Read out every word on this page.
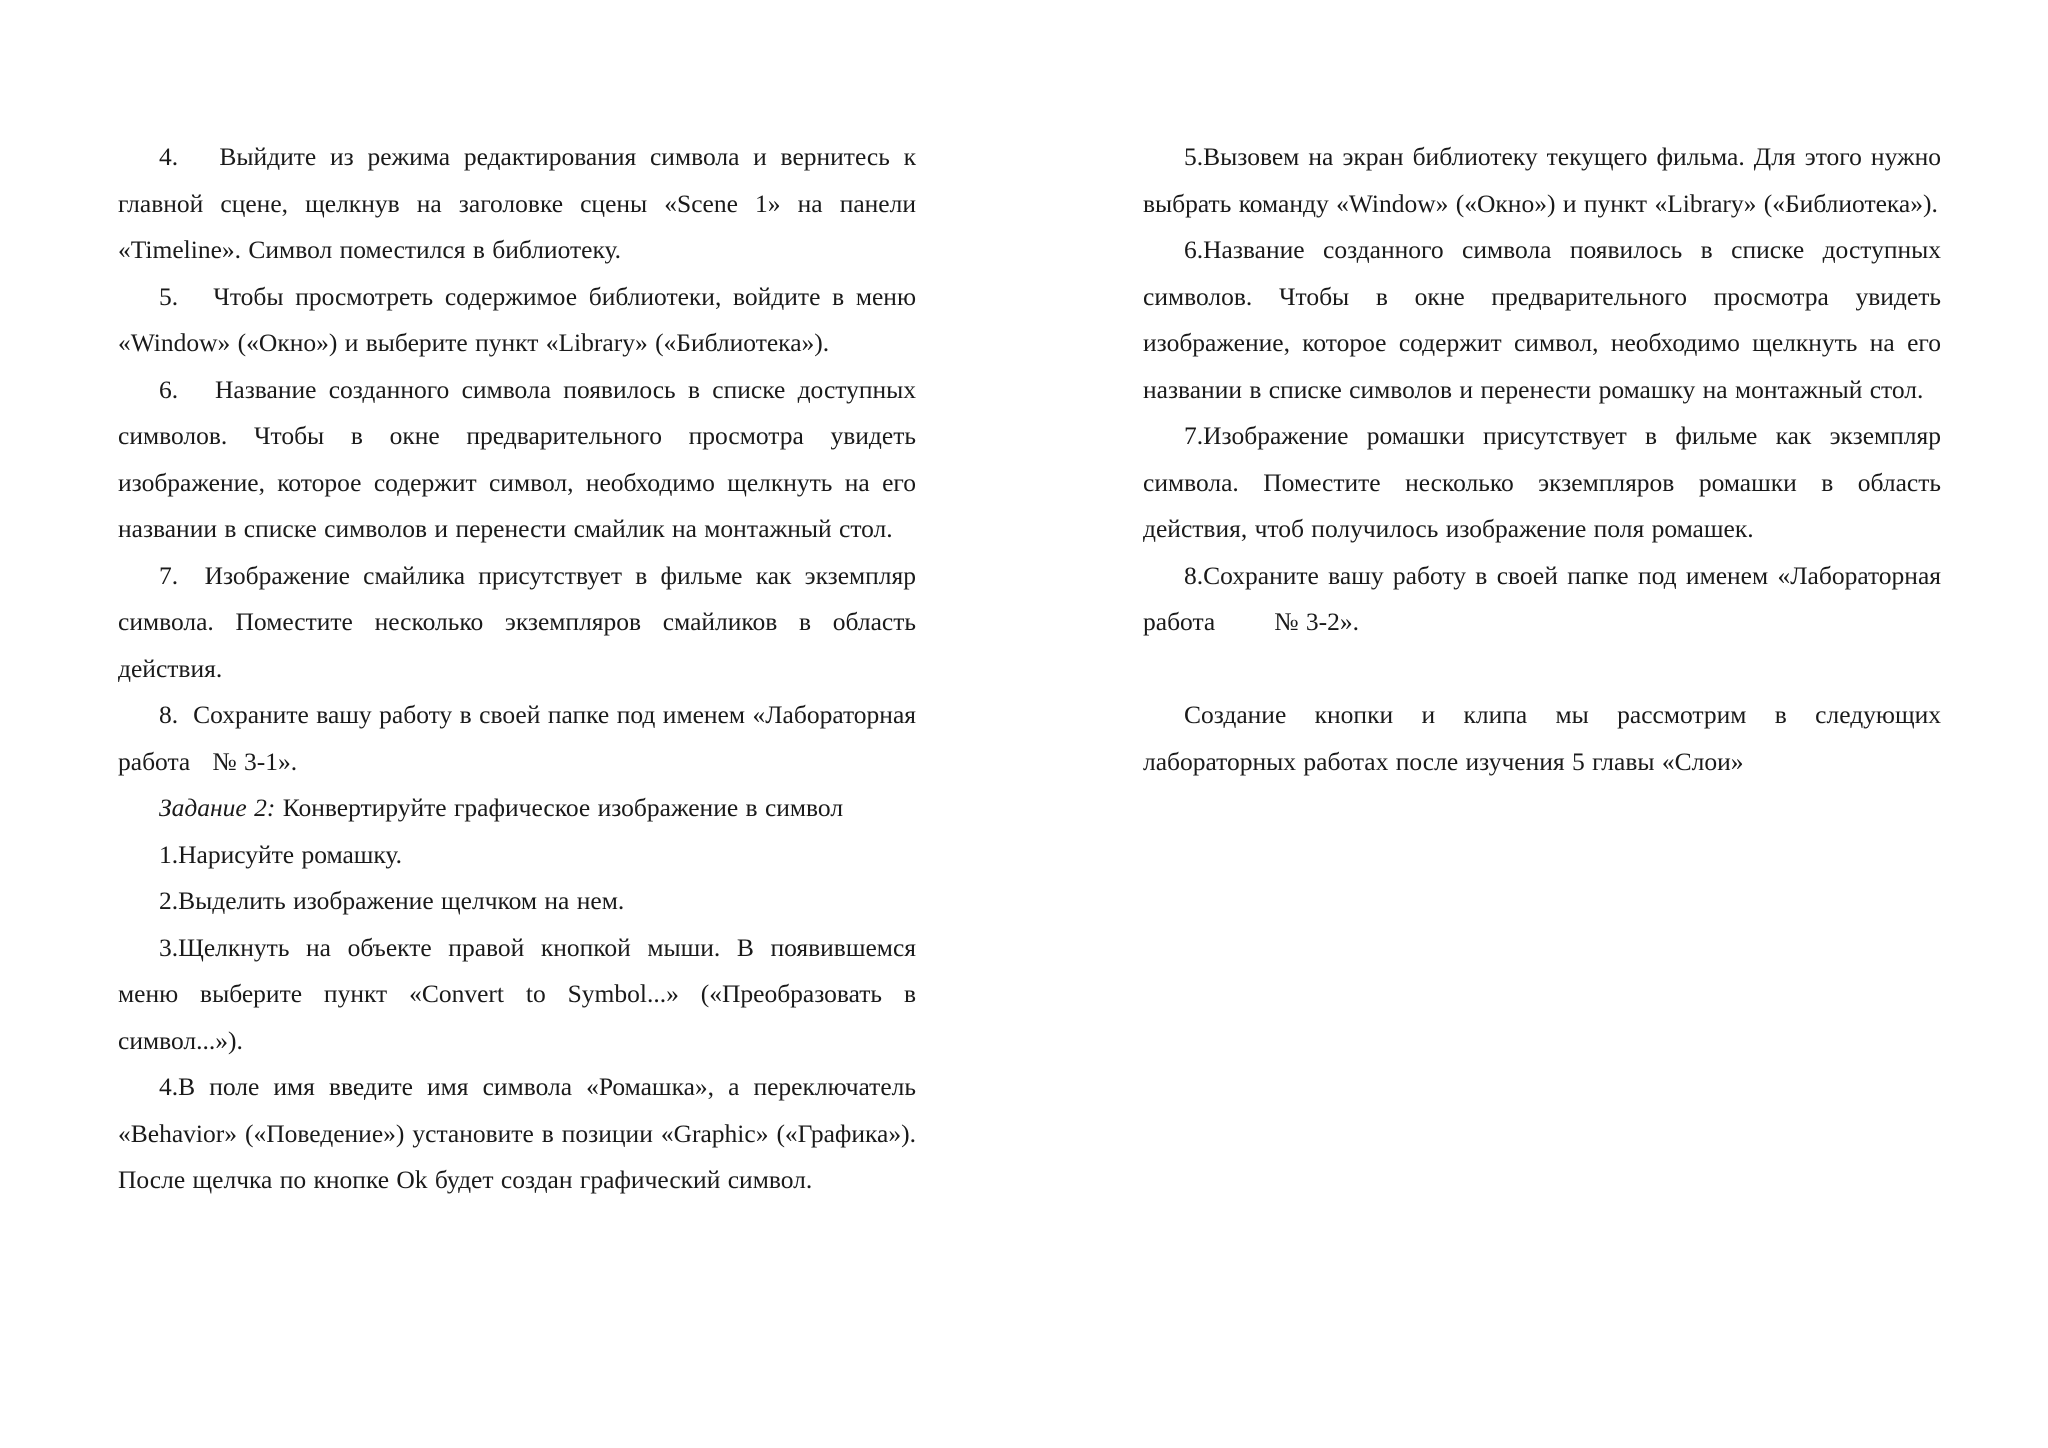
4.   Выйдите из режима редактирования символа и вернитесь к главной сцене, щелкнув на заголовке сцены «Scene 1» на панели «Timeline». Символ поместился в библиотеку.

5.   Чтобы просмотреть содержимое библиотеки, войдите в меню «Window» («Окно») и выберите пункт «Library» («Библиотека»).

6.   Название созданного символа появилось в списке доступных символов. Чтобы в окне предварительного просмотра увидеть изображение, которое содержит символ, необходимо щелкнуть на его названии в списке символов и перенести смайлик на монтажный стол.

7.  Изображение смайлика присутствует в фильме как экземпляр символа. Поместите несколько экземпляров смайликов в область действия.

8.  Сохраните вашу работу в своей папке под именем «Лабораторная работа   № 3-1».

Задание 2: Конвертируйте графическое изображение в символ

1.Нарисуйте ромашку.

2.Выделить изображение щелчком на нем.

3.Щелкнуть на объекте правой кнопкой мыши. В появившемся меню выберите пункт «Convert to Symbol...» («Преобразовать в символ...»).

4.В поле имя введите имя символа «Ромашка», а переключатель «Behavior» («Поведение») установите в позиции «Graphic» («Графика»). После щелчка по кнопке Ok будет создан графический символ.

5.Вызовем на экран библиотеку текущего фильма. Для этого нужно выбрать команду «Window» («Окно») и пункт «Library» («Библиотека»).

6.Название созданного символа появилось в списке доступных символов. Чтобы в окне предварительного просмотра увидеть изображение, которое содержит символ, необходимо щелкнуть на его названии в списке символов и перенести ромашку на монтажный стол.

7.Изображение ромашки присутствует в фильме как экземпляр символа. Поместите несколько экземпляров ромашки в область действия, чтоб получилось изображение поля ромашек.

8.Сохраните вашу работу в своей папке под именем «Лабораторная работа        № 3-2».

Создание кнопки и клипа мы рассмотрим в следующих лабораторных работах после изучения 5 главы «Слои»
